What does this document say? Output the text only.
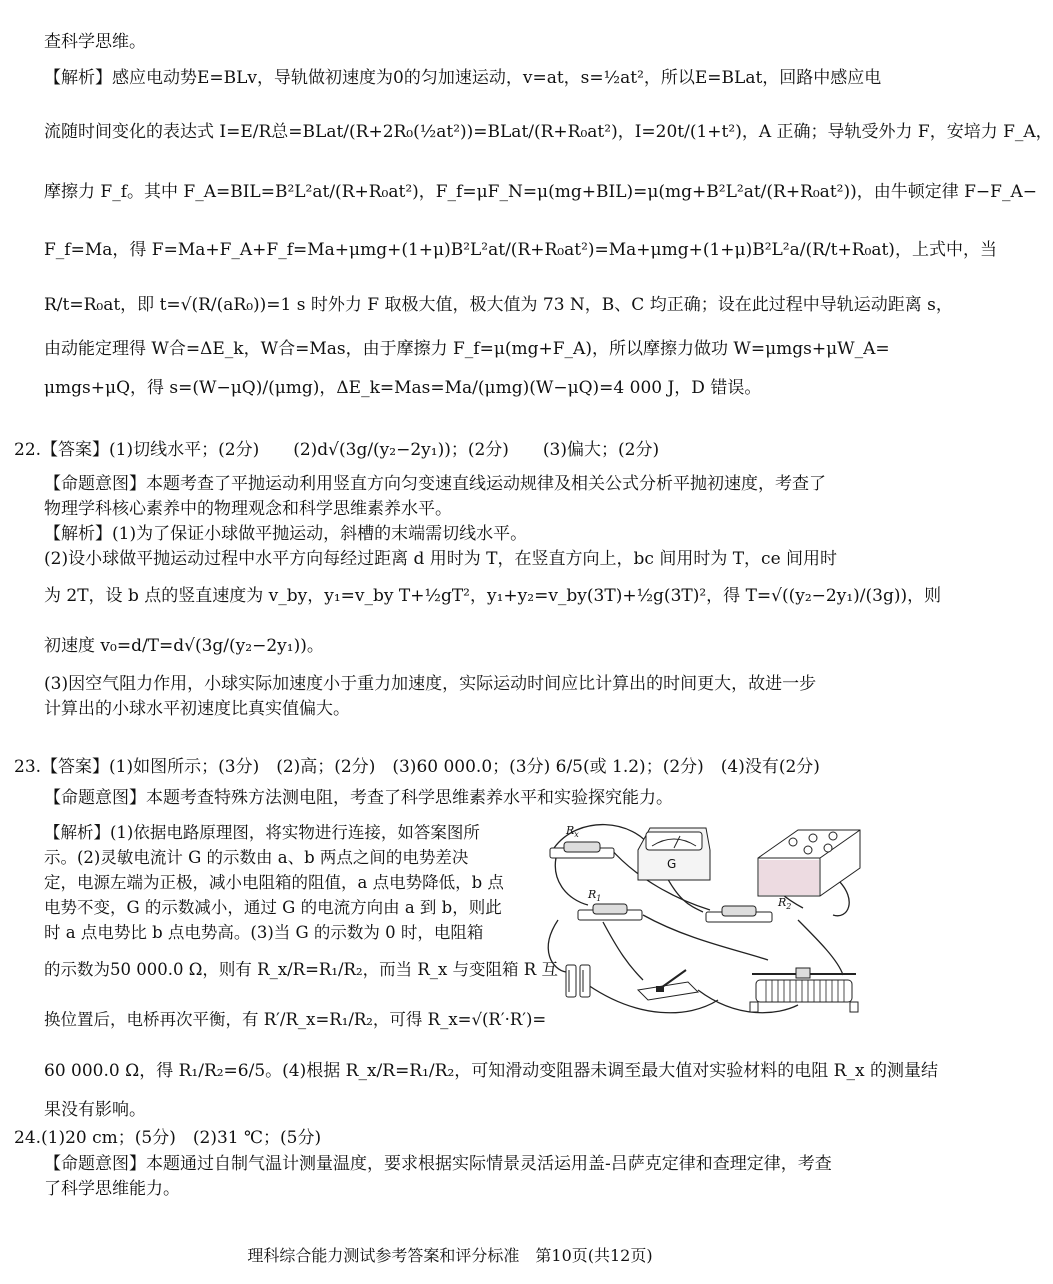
查科学思维。
【解析】感应电动势E=BLv，导轨做初速度为0的匀加速运动，v=at，s=½at²，所以E=BLat，回路中感应电
流随时间变化的表达式 I=E/R总=BLat/(R+2R₀(½at²))=BLat/(R+R₀at²)，I=20t/(1+t²)，A 正确；导轨受外力 F，安培力 F_A，
摩擦力 F_f。其中 F_A=BIL=B²L²at/(R+R₀at²)，F_f=μF_N=μ(mg+BIL)=μ(mg+B²L²at/(R+R₀at²))，由牛顿定律 F−F_A−
F_f=Ma，得 F=Ma+F_A+F_f=Ma+μmg+(1+μ)B²L²at/(R+R₀at²)=Ma+μmg+(1+μ)B²L²a/(R/t+R₀at)，上式中，当
R/t=R₀at，即 t=√(R/(aR₀))=1 s 时外力 F 取极大值，极大值为 73 N，B、C 均正确；设在此过程中导轨运动距离 s，
由动能定理得 W合=ΔE_k，W合=Mas，由于摩擦力 F_f=μ(mg+F_A)，所以摩擦力做功 W=μmgs+μW_A=
μmgs+μQ，得 s=(W−μQ)/(μmg)，ΔE_k=Mas=Ma/(μmg)(W−μQ)=4 000 J，D 错误。
22.【答案】(1)切线水平；(2分)　　(2)d√(3g/(y₂−2y₁))；(2分)　　(3)偏大；(2分)
【命题意图】本题考查了平抛运动利用竖直方向匀变速直线运动规律及相关公式分析平抛初速度，考查了
物理学科核心素养中的物理观念和科学思维素养水平。
【解析】(1)为了保证小球做平抛运动，斜槽的末端需切线水平。
(2)设小球做平抛运动过程中水平方向每经过距离 d 用时为 T，在竖直方向上，bc 间用时为 T，ce 间用时
为 2T，设 b 点的竖直速度为 v_by，y₁=v_by T+½gT²，y₁+y₂=v_by(3T)+½g(3T)²，得 T=√((y₂−2y₁)/(3g))，则
初速度 v₀=d/T=d√(3g/(y₂−2y₁))。
(3)因空气阻力作用，小球实际加速度小于重力加速度，实际运动时间应比计算出的时间更大，故进一步
计算出的小球水平初速度比真实值偏大。
23.【答案】(1)如图所示；(3分)　(2)高；(2分)　(3)60 000.0；(3分) 6/5(或 1.2)；(2分)　(4)没有(2分)
【命题意图】本题考查特殊方法测电阻，考查了科学思维素养水平和实验探究能力。
【解析】(1)依据电路原理图，将实物进行连接，如答案图所
示。(2)灵敏电流计 G 的示数由 a、b 两点之间的电势差决
定，电源左端为正极，减小电阻箱的阻值，a 点电势降低，b 点
电势不变，G 的示数减小，通过 G 的电流方向由 a 到 b，则此
时 a 点电势比 b 点电势高。(3)当 G 的示数为 0 时，电阻箱
的示数为50 000.0 Ω，则有 R_x/R=R₁/R₂，而当 R_x 与变阻箱 R 互
换位置后，电桥再次平衡，有 R′/R_x=R₁/R₂，可得 R_x=√(R′·R′)=
$R_x$
G
$R_1$	$R_2$
60 000.0 Ω，得 R₁/R₂=6/5。(4)根据 R_x/R=R₁/R₂，可知滑动变阻器未调至最大值对实验材料的电阻 R_x 的测量结
果没有影响。
24.(1)20 cm；(5分)　(2)31 ℃；(5分)
【命题意图】本题通过自制气温计测量温度，要求根据实际情景灵活运用盖-吕萨克定律和查理定律，考查
了科学思维能力。
理科综合能力测试参考答案和评分标准　第10页(共12页)
